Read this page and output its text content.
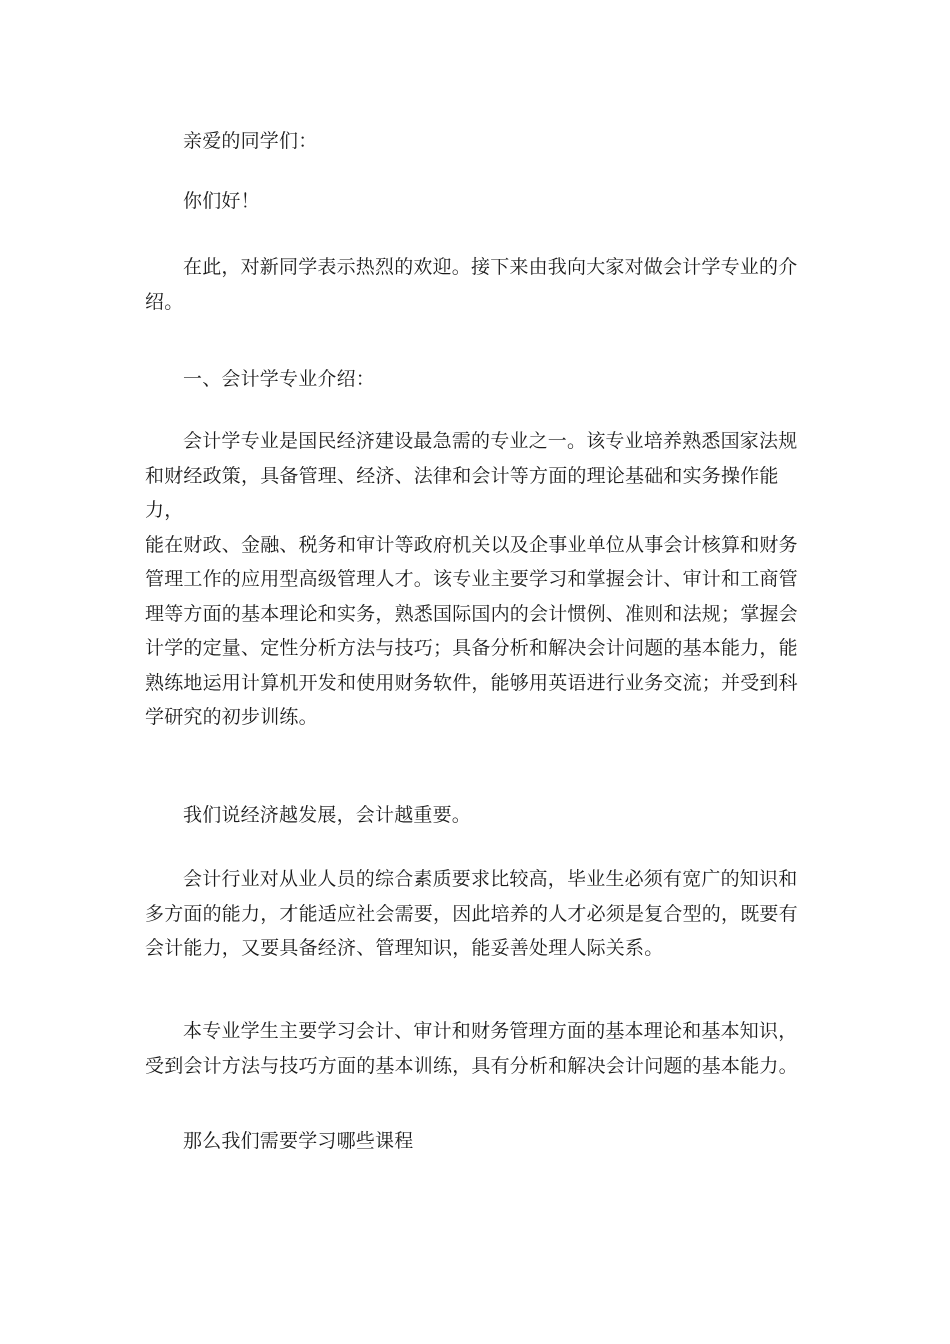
亲爱的同学们：
你们好！
在此，对新同学表示热烈的欢迎。接下来由我向大家对做会计学专业的介
绍。
一、会计学专业介绍：
会计学专业是国民经济建设最急需的专业之一。该专业培养熟悉国家法规
和财经政策，具备管理、经济、法律和会计等方面的理论基础和实务操作能力，
能在财政、金融、税务和审计等政府机关以及企事业单位从事会计核算和财务
管理工作的应用型高级管理人才。该专业主要学习和掌握会计、审计和工商管
理等方面的基本理论和实务，熟悉国际国内的会计惯例、准则和法规；掌握会
计学的定量、定性分析方法与技巧；具备分析和解决会计问题的基本能力，能
熟练地运用计算机开发和使用财务软件，能够用英语进行业务交流；并受到科
学研究的初步训练。
我们说经济越发展，会计越重要。
会计行业对从业人员的综合素质要求比较高，毕业生必须有宽广的知识和
多方面的能力，才能适应社会需要，因此培养的人才必须是复合型的，既要有
会计能力，又要具备经济、管理知识，能妥善处理人际关系。
本专业学生主要学习会计、审计和财务管理方面的基本理论和基本知识，
受到会计方法与技巧方面的基本训练，具有分析和解决会计问题的基本能力。
那么我们需要学习哪些课程
